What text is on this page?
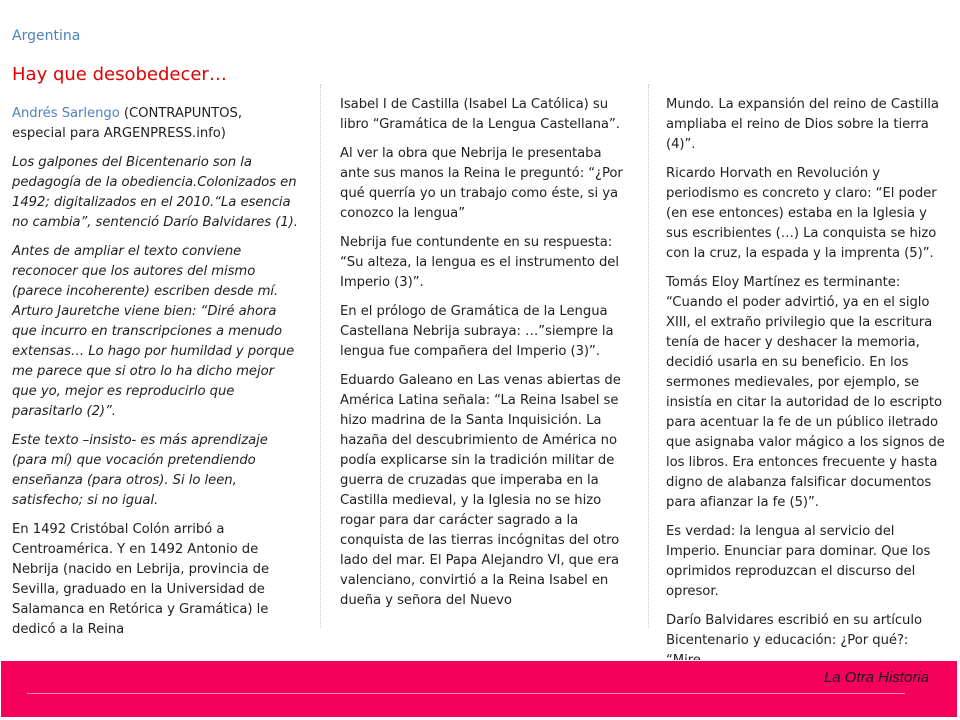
Argentina
Hay que desobedecer…

Andrés Sarlengo (CONTRAPUNTOS, especial para ARGENPRESS.info)

Los galpones del Bicentenario son la pedagogía de la obediencia.Colonizados en 1492; digitalizados en el 2010.“La esencia no cambia”, sentenció Darío Balvidares (1).

Antes de ampliar el texto conviene reconocer que los autores del mismo (parece incoherente) escriben desde mí. Arturo Jauretche viene bien: “Diré ahora que incurro en transcripciones a menudo extensas… Lo hago por humildad y porque me parece que si otro lo ha dicho mejor que yo, mejor es reproducirlo que parasitarlo (2)”.

Este texto –insisto- es más aprendizaje (para mí) que vocación pretendiendo enseñanza (para otros). Si lo leen, satisfecho; si no igual.

En 1492 Cristóbal Colón arribó a Centroamérica. Y en 1492 Antonio de Nebrija (nacido en Lebrija, provincia de Sevilla, graduado en la Universidad de Salamanca en Retórica y Gramática) le dedicó a la Reina

Isabel I de Castilla (Isabel La Católica) su libro “Gramática de la Lengua Castellana”.

Al ver la obra que Nebrija le presentaba ante sus manos la Reina le preguntó: “¿Por qué querría yo un trabajo como éste, si ya conozco la lengua”

Nebrija fue contundente en su respuesta: “Su alteza, la lengua es el instrumento del Imperio (3)”.

En el prólogo de Gramática de la Lengua Castellana Nebrija subraya: …”siempre la lengua fue compañera del Imperio (3)”.

Eduardo Galeano en Las venas abiertas de América Latina señala: “La Reina Isabel se hizo madrina de la Santa Inquisición. La hazaña del descubrimiento de América no podía explicarse sin la tradición militar de guerra de cruzadas que imperaba en la Castilla medieval, y la Iglesia no se hizo rogar para dar carácter sagrado a la conquista de las tierras incógnitas del otro lado del mar. El Papa Alejandro VI, que era valenciano, convirtió a la Reina Isabel en dueña y señora del Nuevo

Mundo. La expansión del reino de Castilla ampliaba el reino de Dios sobre la tierra (4)”.

Ricardo Horvath en Revolución y periodismo es concreto y claro: “El poder (en ese entonces) estaba en la Iglesia y sus escribientes (…) La conquista se hizo con la cruz, la espada y la imprenta (5)”.

Tomás Eloy Martínez es terminante: “Cuando el poder advirtió, ya en el siglo XIII, el extraño privilegio que la escritura tenía de hacer y deshacer la memoria, decidió usarla en su beneficio. En los sermones medievales, por ejemplo, se insistía en citar la autoridad de lo escripto para acentuar la fe de un público iletrado que asignaba valor mágico a los signos de los libros. Era entonces frecuente y hasta digno de alabanza falsificar documentos para afianzar la fe (5)”.

Es verdad: la lengua al servicio del Imperio. Enunciar para dominar. Que los oprimidos reproduzcan el discurso del opresor.

Darío Balvidares escribió en su artículo Bicentenario y educación: ¿Por qué?:

La Otra Historia
